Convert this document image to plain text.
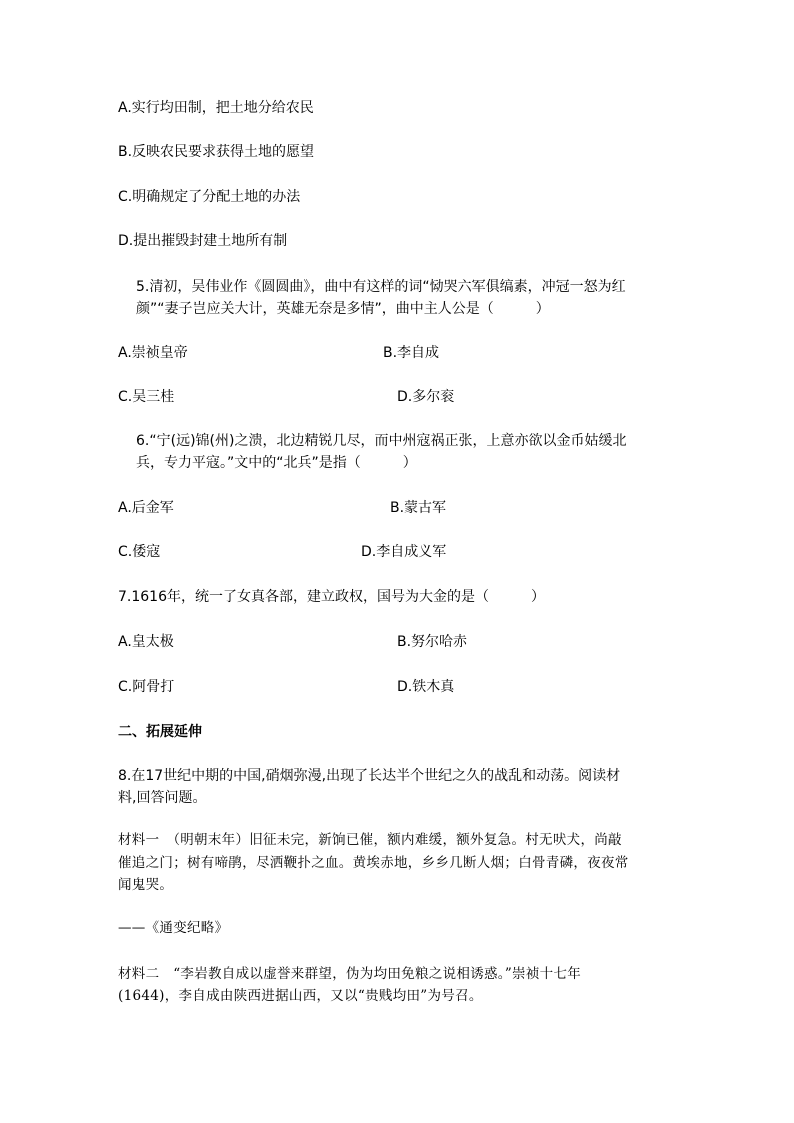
A.实行均田制，把土地分给农民
B.反映农民要求获得土地的愿望
C.明确规定了分配土地的办法
D.提出摧毁封建土地所有制
5.清初，吴伟业作《圆圆曲》，曲中有这样的词“恸哭六军俱缟素，冲冠一怒为红
颜”“妻子岂应关大计，英雄无奈是多情”，曲中主人公是（　　　）
A.崇祯皇帝	B.李自成
C.吴三桂	D.多尔衮
6.“宁(远)锦(州)之溃，北边精锐几尽，而中州寇祸正张，上意亦欲以金币姑缓北
兵，专力平寇。”文中的“北兵”是指（　　　）
A.后金军	B.蒙古军
C.倭寇	D.李自成义军
7.1616年，统一了女真各部，建立政权，国号为大金的是（　　　）
A.皇太极	B.努尔哈赤
C.阿骨打	D.铁木真
二、拓展延伸
8.在17世纪中期的中国,硝烟弥漫,出现了长达半个世纪之久的战乱和动荡。阅读材
料,回答问题。
材料一　（明朝末年）旧征未完，新饷已催，额内难缓，额外复急。村无吠犬，尚敲
催追之门；树有啼鹃，尽洒鞭扑之血。黄埃赤地，乡乡几断人烟；白骨青磷，夜夜常
闻鬼哭。
——《通变纪略》
材料二　“李岩教自成以虚誉来群望，伪为均田免粮之说相诱惑。”崇祯十七年
(1644)，李自成由陕西进据山西，又以“贵贱均田”为号召。
